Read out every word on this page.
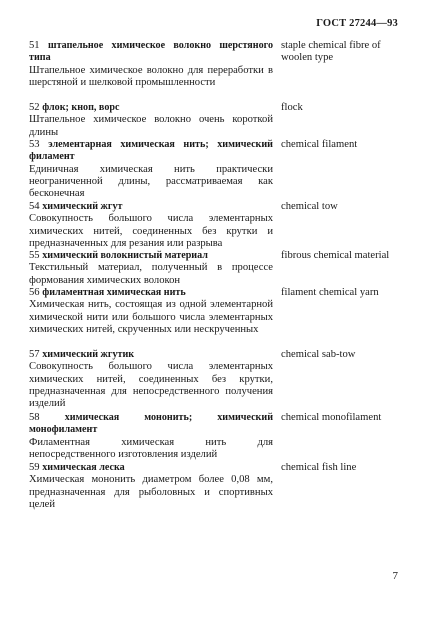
ГОСТ 27244—93
51 штапельное химическое волокно шерстяного типа
Штапельное химическое волокно для переработки в шерстяной и шелковой промышленности
staple chemical fibre of woolen type
52 флок; кноп, ворс
Штапельное химическое волокно очень короткой длины
flock
53 элементарная химическая нить; химический филамент
Единичная химическая нить практически неограниченной длины, рассматриваемая как бесконечная
chemical filament
54 химический жгут
Совокупность большого числа элементарных химических нитей, соединенных без крутки и предназначенных для резания или разрыва
chemical tow
55 химический волокнистый материал
Текстильный материал, полученный в процессе формования химических волокон
fibrous chemical material
56 филаментная химическая нить
Химическая нить, состоящая из одной элементарной химической нити или большого числа элементарных химических нитей, скрученных или нескрученных
filament chemical yarn
57 химический жгутик
Совокупность большого числа элементарных химических нитей, соединенных без крутки, предназначенная для непосредственного получения изделий
chemical sab-tow
58 химическая мононить; химический монофиламент
Филаментная химическая нить для непосредственного изготовления изделий
chemical monofilament
59 химическая леска
Химическая мононить диаметром более 0,08 мм, предназначенная для рыболовных и спортивных целей
chemical fish line
7
